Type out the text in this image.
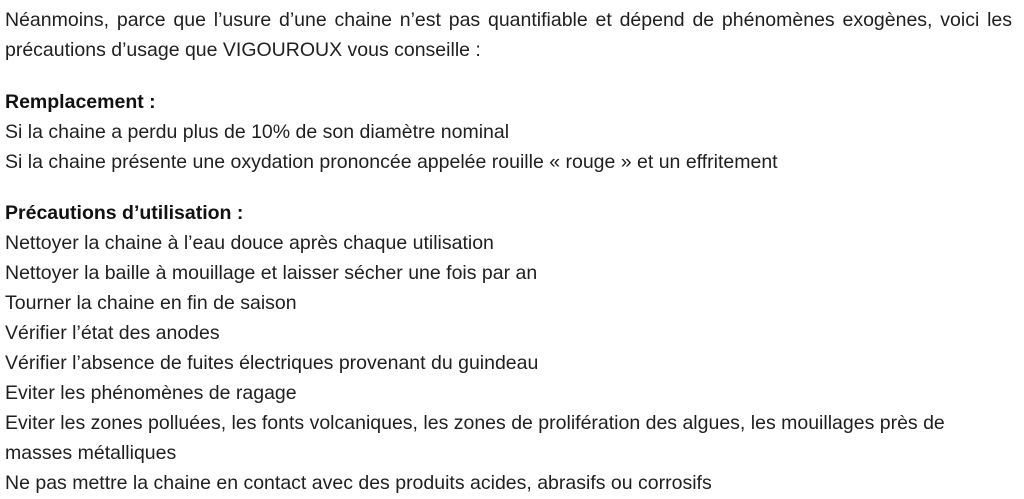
Néanmoins, parce que l’usure d’une chaine n’est pas quantifiable et dépend de phénomènes exogènes, voici les précautions d’usage que VIGOUROUX vous conseille :

Remplacement :
Si la chaine a perdu plus de 10% de son diamètre nominal
Si la chaine présente une oxydation prononcée appelée rouille « rouge » et un effritement
Précautions d’utilisation :
Nettoyer la chaine à l’eau douce après chaque utilisation
Nettoyer la baille à mouillage et laisser sécher une fois par an
Tourner la chaine en fin de saison
Vérifier l’état des anodes
Vérifier l’absence de fuites électriques provenant du guindeau
Eviter les phénomènes de ragage
Eviter les zones polluées, les fonts volcaniques, les zones de prolifération des algues, les mouillages près de masses métalliques
Ne pas mettre la chaine en contact avec des produits acides, abrasifs ou corrosifs
